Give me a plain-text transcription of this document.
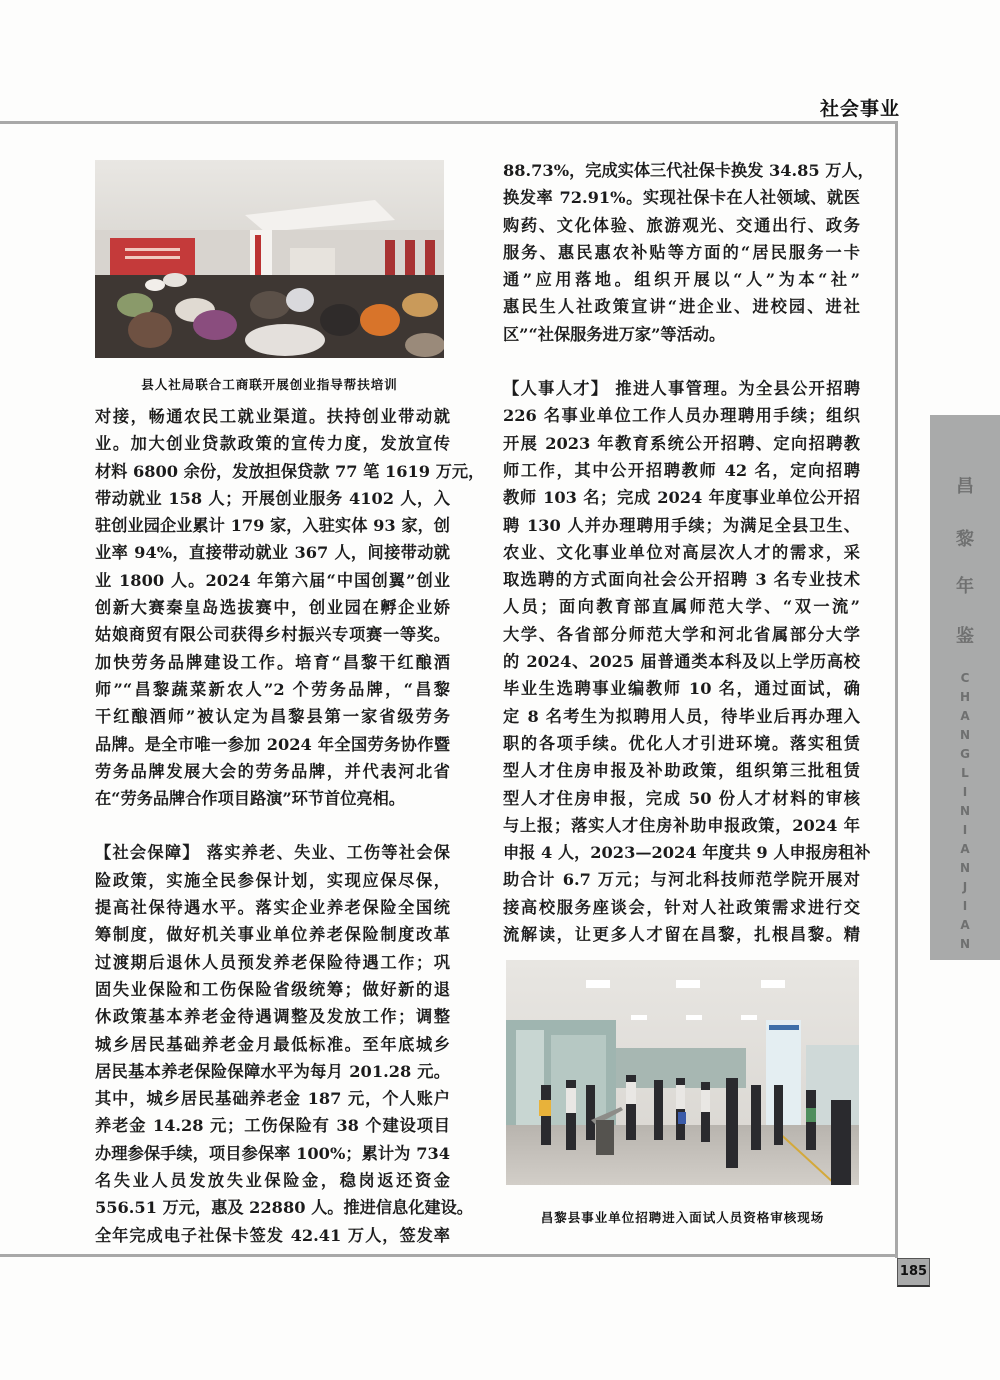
社会事业
县人社局联合工商联开展创业指导帮扶培训

对接，畅通农民工就业渠道。扶持创业带动就
业。加大创业贷款政策的宣传力度，发放宣传
材料 6800 余份，发放担保贷款 77 笔 1619 万元，
带动就业 158 人；开展创业服务 4102 人，入
驻创业园企业累计 179 家，入驻实体 93 家，创
业率 94%，直接带动就业 367 人，间接带动就
业 1800 人。2024 年第六届“中国创翼”创业
创新大赛秦皇岛选拔赛中，创业园在孵企业娇
姑娘商贸有限公司获得乡村振兴专项赛一等奖。
加快劳务品牌建设工作。培育“昌黎干红酿酒
师”“昌黎蔬菜新农人”2 个劳务品牌，“昌黎
干红酿酒师”被认定为昌黎县第一家省级劳务
品牌。是全市唯一参加 2024 年全国劳务协作暨
劳务品牌发展大会的劳务品牌，并代表河北省
在“劳务品牌合作项目路演”环节首位亮相。

【社会保障】 落实养老、失业、工伤等社会保
险政策，实施全民参保计划，实现应保尽保，
提高社保待遇水平。落实企业养老保险全国统
筹制度，做好机关事业单位养老保险制度改革
过渡期后退休人员预发养老保险待遇工作；巩
固失业保险和工伤保险省级统筹；做好新的退
休政策基本养老金待遇调整及发放工作；调整
城乡居民基础养老金月最低标准。至年底城乡
居民基本养老保险保障水平为每月 201.28 元。
其中，城乡居民基础养老金 187 元，个人账户
养老金 14.28 元；工伤保险有 38 个建设项目
办理参保手续，项目参保率 100%；累计为 734
名失业人员发放失业保险金，稳岗返还资金
556.51 万元，惠及 22880 人。推进信息化建设。
全年完成电子社保卡签发 42.41 万人，签发率

88.73%，完成实体三代社保卡换发 34.85 万人，
换发率 72.91%。实现社保卡在人社领域、就医
购药、文化体验、旅游观光、交通出行、政务
服务、惠民惠农补贴等方面的“居民服务一卡
通”应用落地。组织开展以“人”为本“社”
惠民生人社政策宣讲“进企业、进校园、进社
区”“社保服务进万家”等活动。

【人事人才】 推进人事管理。为全县公开招聘
226 名事业单位工作人员办理聘用手续；组织
开展 2023 年教育系统公开招聘、定向招聘教
师工作，其中公开招聘教师 42 名，定向招聘
教师 103 名；完成 2024 年度事业单位公开招
聘 130 人并办理聘用手续；为满足全县卫生、
农业、文化事业单位对高层次人才的需求，采
取选聘的方式面向社会公开招聘 3 名专业技术
人员；面向教育部直属师范大学、“双一流”
大学、各省部分师范大学和河北省属部分大学
的 2024、2025 届普通类本科及以上学历高校
毕业生选聘事业编教师 10 名，通过面试，确
定 8 名考生为拟聘用人员，待毕业后再办理入
职的各项手续。优化人才引进环境。落实租赁
型人才住房申报及补助政策，组织第三批租赁
型人才住房申报，完成 50 份人才材料的审核
与上报；落实人才住房补助申报政策，2024 年
申报 4 人，2023—2024 年度共 9 人申报房租补
助合计 6.7 万元；与河北科技师范学院开展对
接高校服务座谈会，针对人社政策需求进行交
流解读，让更多人才留在昌黎，扎根昌黎。精

昌黎县事业单位招聘进入面试人员资格审核现场
昌
黎
年
鉴
C
H
A
N
G
L
I
N
I
A
N
J
I
A
N
185
